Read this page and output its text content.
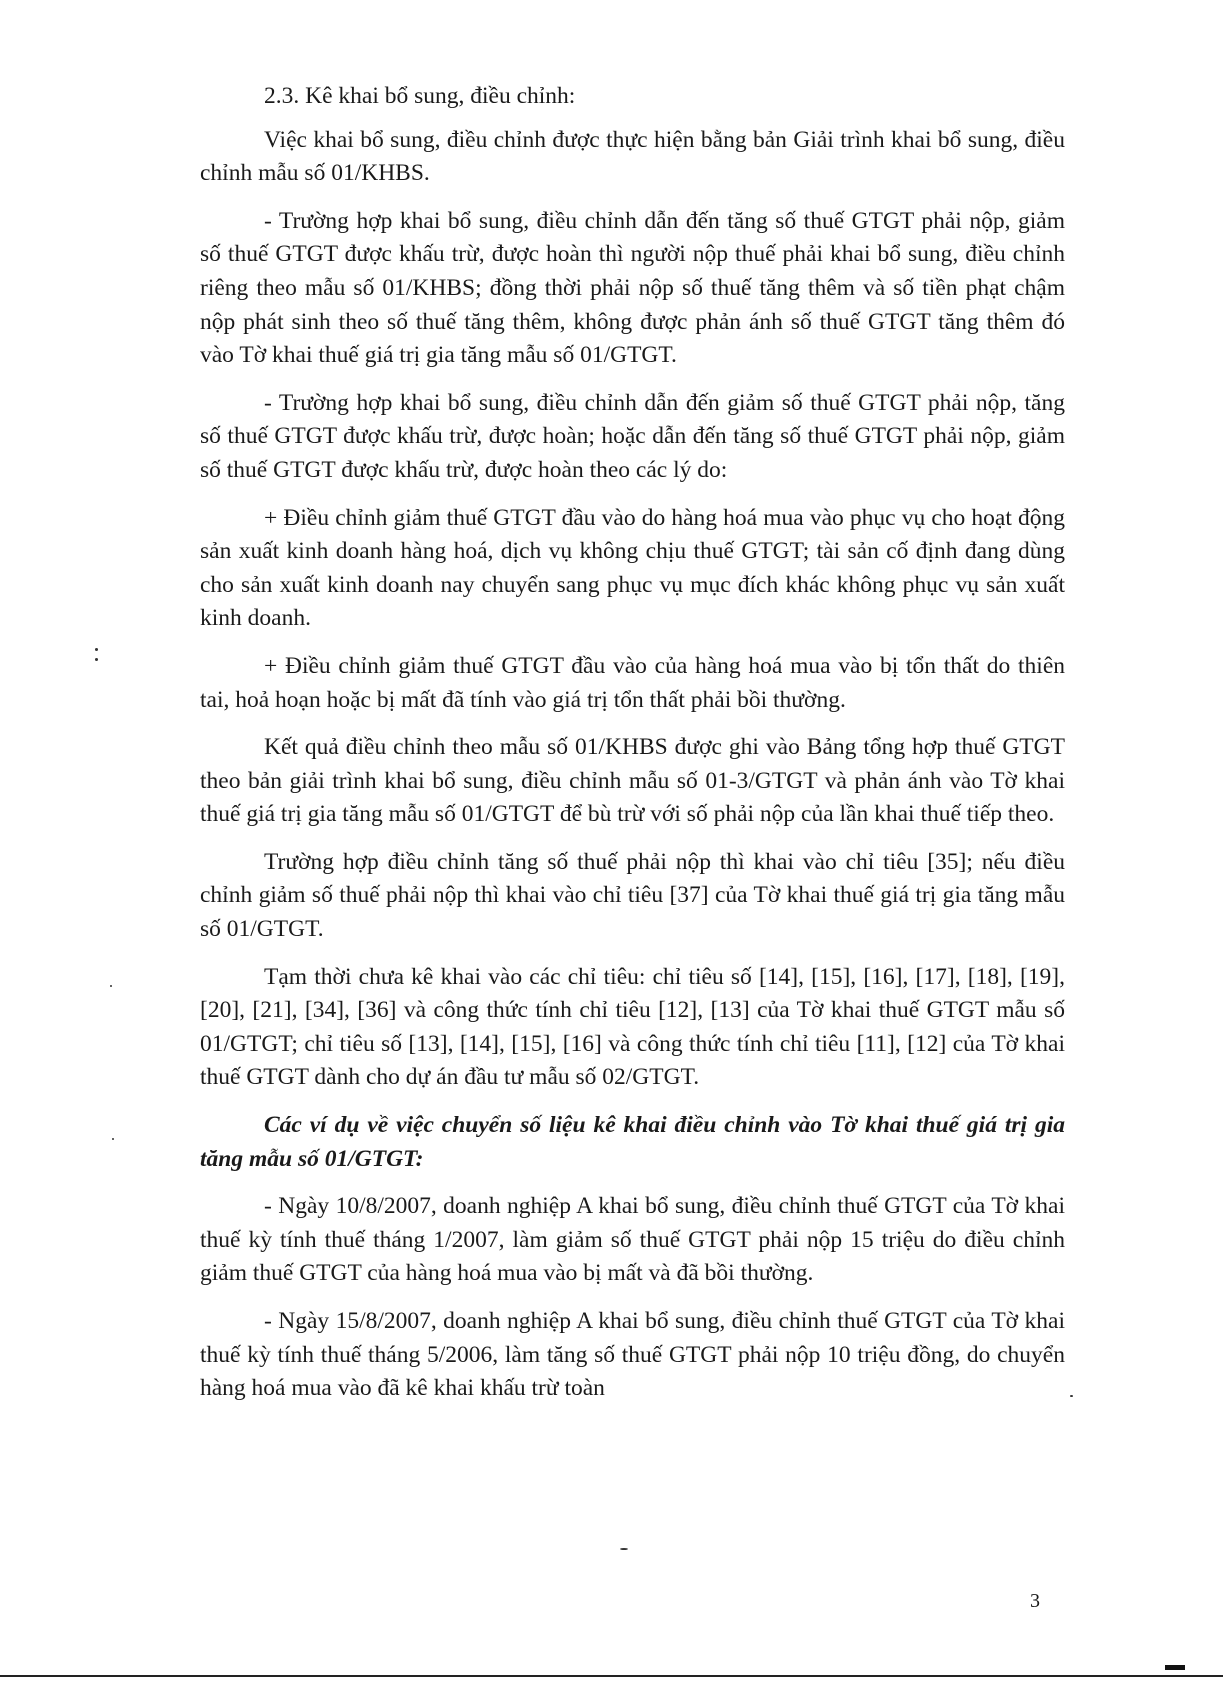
2.3. Kê khai bổ sung, điều chỉnh:

Việc khai bổ sung, điều chỉnh được thực hiện bằng bản Giải trình khai bổ sung, điều chỉnh mẫu số 01/KHBS.

- Trường hợp khai bổ sung, điều chỉnh dẫn đến tăng số thuế GTGT phải nộp, giảm số thuế GTGT được khấu trừ, được hoàn thì người nộp thuế phải khai bổ sung, điều chỉnh riêng theo mẫu số 01/KHBS; đồng thời phải nộp số thuế tăng thêm và số tiền phạt chậm nộp phát sinh theo số thuế tăng thêm, không được phản ánh số thuế GTGT tăng thêm đó vào Tờ khai thuế giá trị gia tăng mẫu số 01/GTGT.

- Trường hợp khai bổ sung, điều chỉnh dẫn đến giảm số thuế GTGT phải nộp, tăng số thuế GTGT được khấu trừ, được hoàn; hoặc dẫn đến tăng số thuế GTGT phải nộp, giảm số thuế GTGT được khấu trừ, được hoàn theo các lý do:

+ Điều chỉnh giảm thuế GTGT đầu vào do hàng hoá mua vào phục vụ cho hoạt động sản xuất kinh doanh hàng hoá, dịch vụ không chịu thuế GTGT; tài sản cố định đang dùng cho sản xuất kinh doanh nay chuyển sang phục vụ mục đích khác không phục vụ sản xuất kinh doanh.

+ Điều chỉnh giảm thuế GTGT đầu vào của hàng hoá mua vào bị tổn thất do thiên tai, hoả hoạn hoặc bị mất đã tính vào giá trị tổn thất phải bồi thường.

Kết quả điều chỉnh theo mẫu số 01/KHBS được ghi vào Bảng tổng hợp thuế GTGT theo bản giải trình khai bổ sung, điều chỉnh mẫu số 01-3/GTGT và phản ánh vào Tờ khai thuế giá trị gia tăng mẫu số 01/GTGT để bù trừ với số phải nộp của lần khai thuế tiếp theo.

Trường hợp điều chỉnh tăng số thuế phải nộp thì khai vào chỉ tiêu [35]; nếu điều chỉnh giảm số thuế phải nộp thì khai vào chỉ tiêu [37] của Tờ khai thuế giá trị gia tăng mẫu số 01/GTGT.

Tạm thời chưa kê khai vào các chỉ tiêu: chỉ tiêu số [14], [15], [16], [17], [18], [19], [20], [21], [34], [36] và công thức tính chỉ tiêu [12], [13] của Tờ khai thuế GTGT mẫu số 01/GTGT; chỉ tiêu số [13], [14], [15], [16] và công thức tính chỉ tiêu [11], [12] của Tờ khai thuế GTGT dành cho dự án đầu tư mẫu số 02/GTGT.

Các ví dụ về việc chuyển số liệu kê khai điều chỉnh vào Tờ khai thuế giá trị gia tăng mẫu số 01/GTGT:

- Ngày 10/8/2007, doanh nghiệp A khai bổ sung, điều chỉnh thuế GTGT của Tờ khai thuế kỳ tính thuế tháng 1/2007, làm giảm số thuế GTGT phải nộp 15 triệu do điều chỉnh giảm thuế GTGT của hàng hoá mua vào bị mất và đã bồi thường.

- Ngày 15/8/2007, doanh nghiệp A khai bổ sung, điều chỉnh thuế GTGT của Tờ khai thuế kỳ tính thuế tháng 5/2006, làm tăng số thuế GTGT phải nộp 10 triệu đồng, do chuyển hàng hoá mua vào đã kê khai khấu trừ toàn

3
